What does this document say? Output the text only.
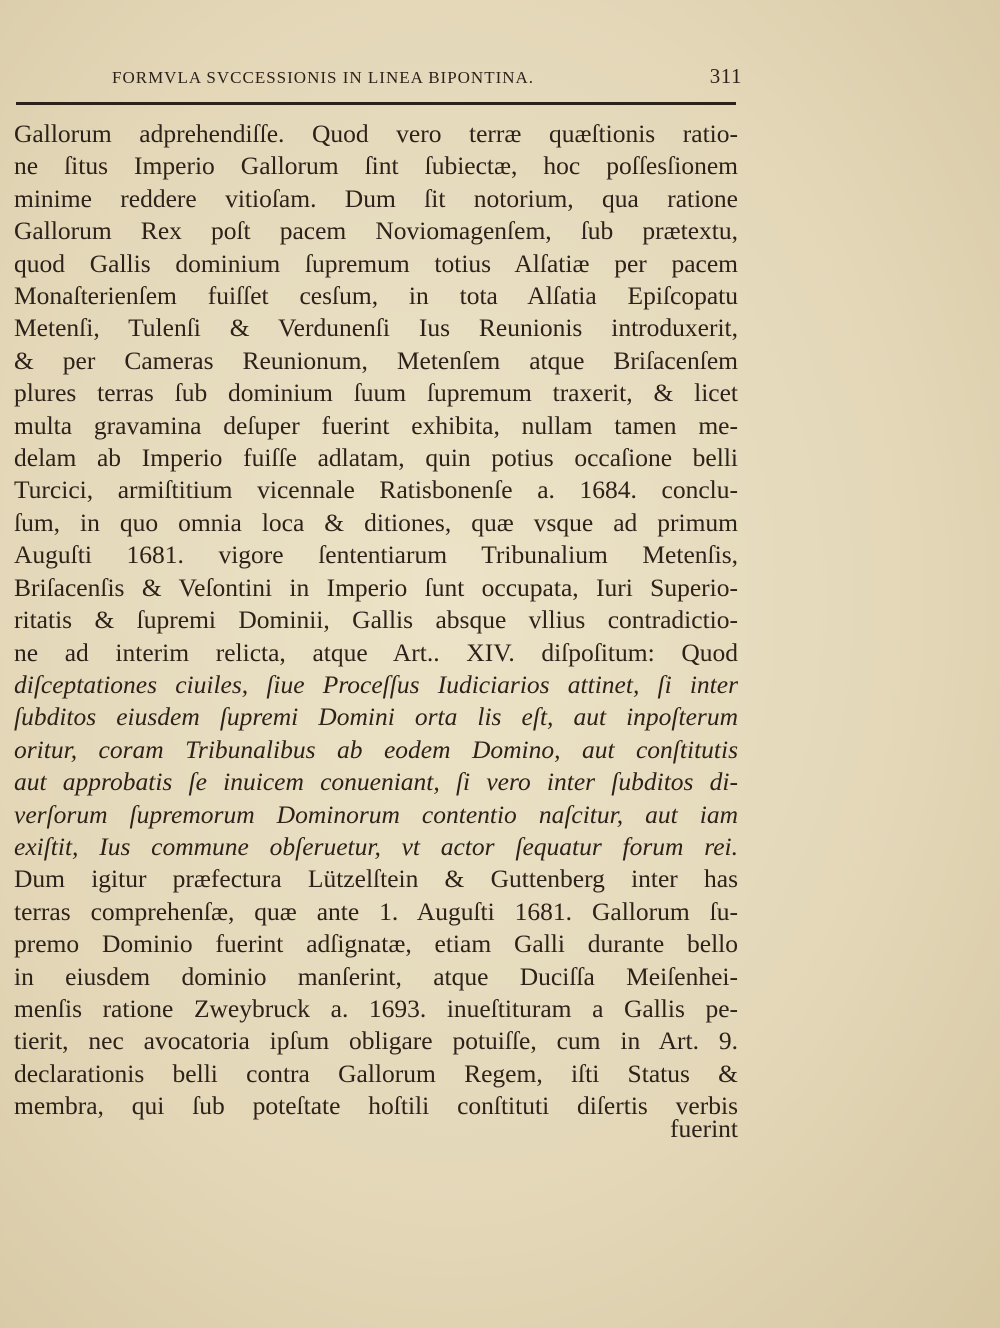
FORMVLA SVCCESSIONIS IN LINEA BIPONTINA.	311
Gallorum adprehendiſſe. Quod vero terræ quæſtionis ratio-
ne ſitus Imperio Gallorum ſint ſubiectæ, hoc poſſesſionem
minime reddere vitioſam. Dum ſit notorium, qua ratione
Gallorum Rex poſt pacem Noviomagenſem, ſub prætextu,
quod Gallis dominium ſupremum totius Alſatiæ per pacem
Monaſterienſem fuiſſet cesſum, in tota Alſatia Epiſcopatu
Metenſi, Tulenſi & Verdunenſi Ius Reunionis introduxerit,
& per Cameras Reunionum, Metenſem atque Briſacenſem
plures terras ſub dominium ſuum ſupremum traxerit, & licet
multa gravamina deſuper fuerint exhibita, nullam tamen me-
delam ab Imperio fuiſſe adlatam, quin potius occaſione belli
Turcici, armiſtitium vicennale Ratisbonenſe a. 1684. conclu-
ſum, in quo omnia loca & ditiones, quæ vsque ad primum
Auguſti 1681. vigore ſententiarum Tribunalium Metenſis,
Briſacenſis & Veſontini in Imperio ſunt occupata, Iuri Superio-
ritatis & ſupremi Dominii, Gallis absque vllius contradictio-
ne ad interim relicta, atque Art.. XIV. diſpoſitum: Quod
diſceptationes ciuiles, ſiue Proceſſus Iudiciarios attinet, ſi inter
ſubditos eiusdem ſupremi Domini orta lis eſt, aut inpoſterum
oritur, coram Tribunalibus ab eodem Domino, aut conſtitutis
aut approbatis ſe inuicem conueniant, ſi vero inter ſubditos di-
verſorum ſupremorum Dominorum contentio naſcitur, aut iam
exiſtit, Ius commune obſeruetur, vt actor ſequatur forum rei.
Dum igitur præfectura Lützelſtein & Guttenberg inter has
terras comprehenſæ, quæ ante 1. Auguſti 1681. Gallorum ſu-
premo Dominio fuerint adſignatæ, etiam Galli durante bello
in eiusdem dominio manſerint, atque Duciſſa Meiſenhei-
menſis ratione Zweybruck a. 1693. inueſtituram a Gallis pe-
tierit, nec avocatoria ipſum obligare potuiſſe, cum in Art. 9.
declarationis belli contra Gallorum Regem, iſti Status &
membra, qui ſub poteſtate hoſtili conſtituti diſertis verbis
fuerint
